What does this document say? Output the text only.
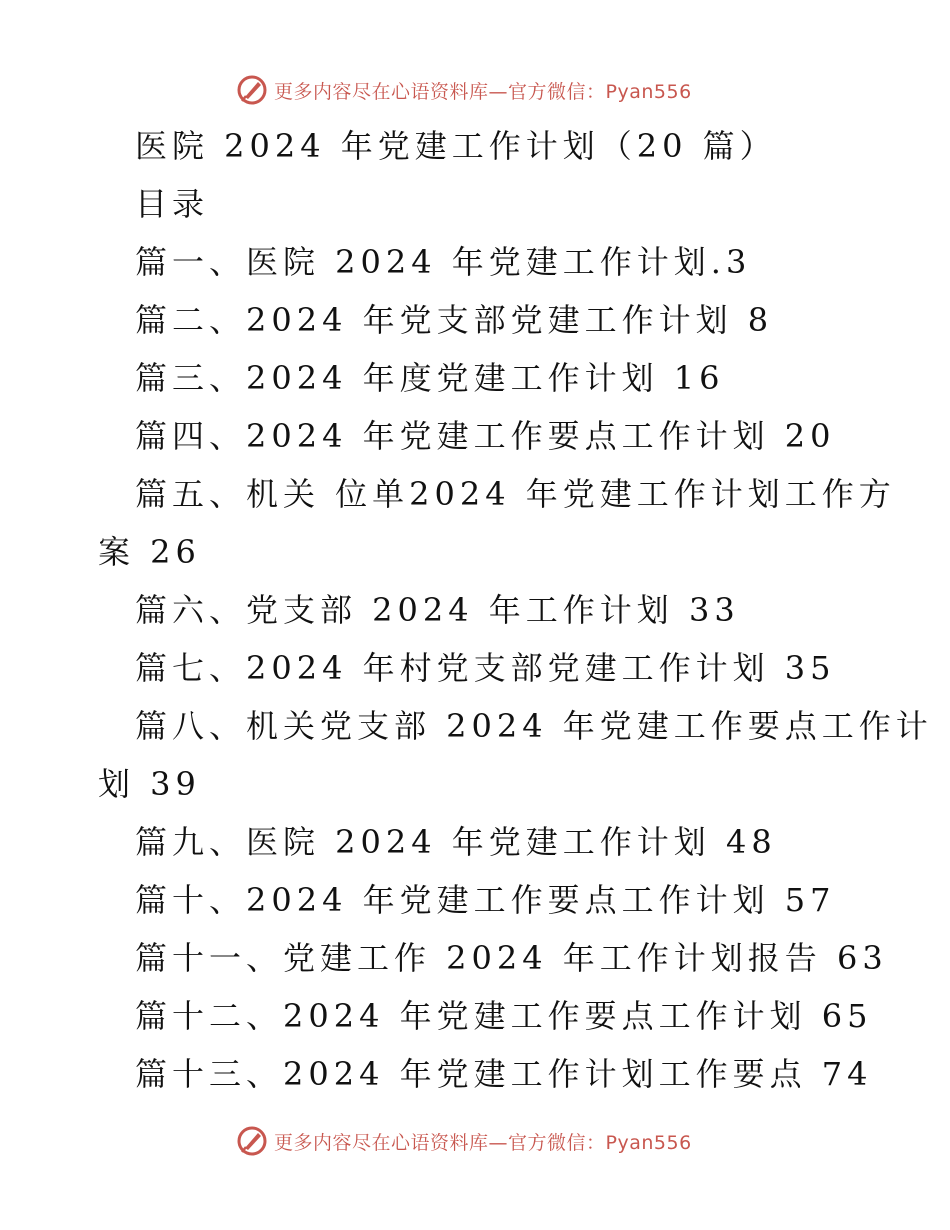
更多内容尽在心语资料库—官方微信：Pyan556
医院 2024 年党建工作计划（20 篇）
目录
篇一、医院 2024 年党建工作计划.3
篇二、2024 年党支部党建工作计划 8
篇三、2024 年度党建工作计划 16
篇四、2024 年党建工作要点工作计划 20
篇五、机关 位单2024 年党建工作计划工作方
案 26
篇六、党支部 2024 年工作计划 33
篇七、2024 年村党支部党建工作计划 35
篇八、机关党支部 2024 年党建工作要点工作计
划 39
篇九、医院 2024 年党建工作计划 48
篇十、2024 年党建工作要点工作计划 57
篇十一、党建工作 2024 年工作计划报告 63
篇十二、2024 年党建工作要点工作计划 65
篇十三、2024 年党建工作计划工作要点 74
更多内容尽在心语资料库—官方微信：Pyan556
